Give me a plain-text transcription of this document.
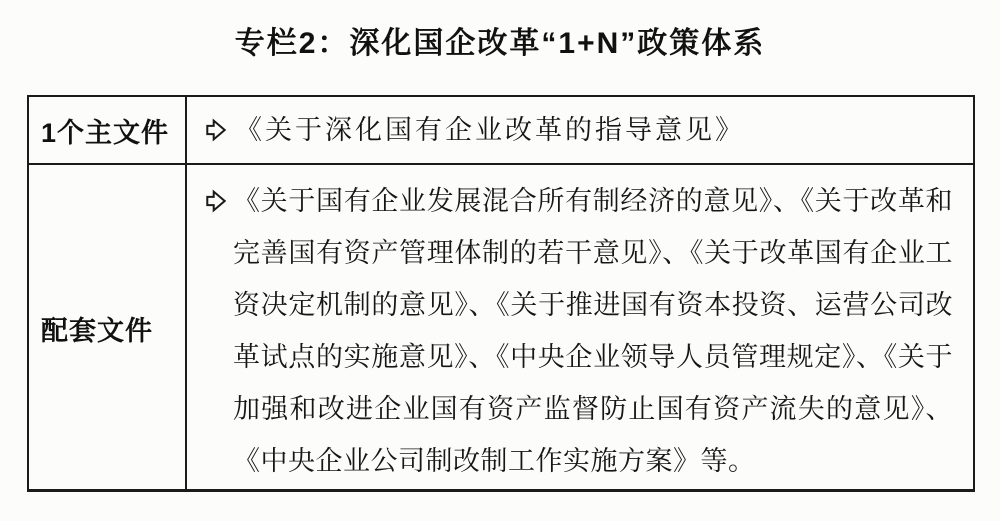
专栏2：深化国企改革“1+N”政策体系
1个主文件	《关于深化国有企业改革的指导意见》

配套文件

《关于国有企业发展混合所有制经济的意见》、《关于改革和完善国有资产管理体制的若干意见》、《关于改革国有企业工资决定机制的意见》、《关于推进国有资本投资、运营公司改革试点的实施意见》、《中央企业领导人员管理规定》、《关于加强和改进企业国有资产监督防止国有资产流失的意见》、《中央企业公司制改制工作实施方案》等。
